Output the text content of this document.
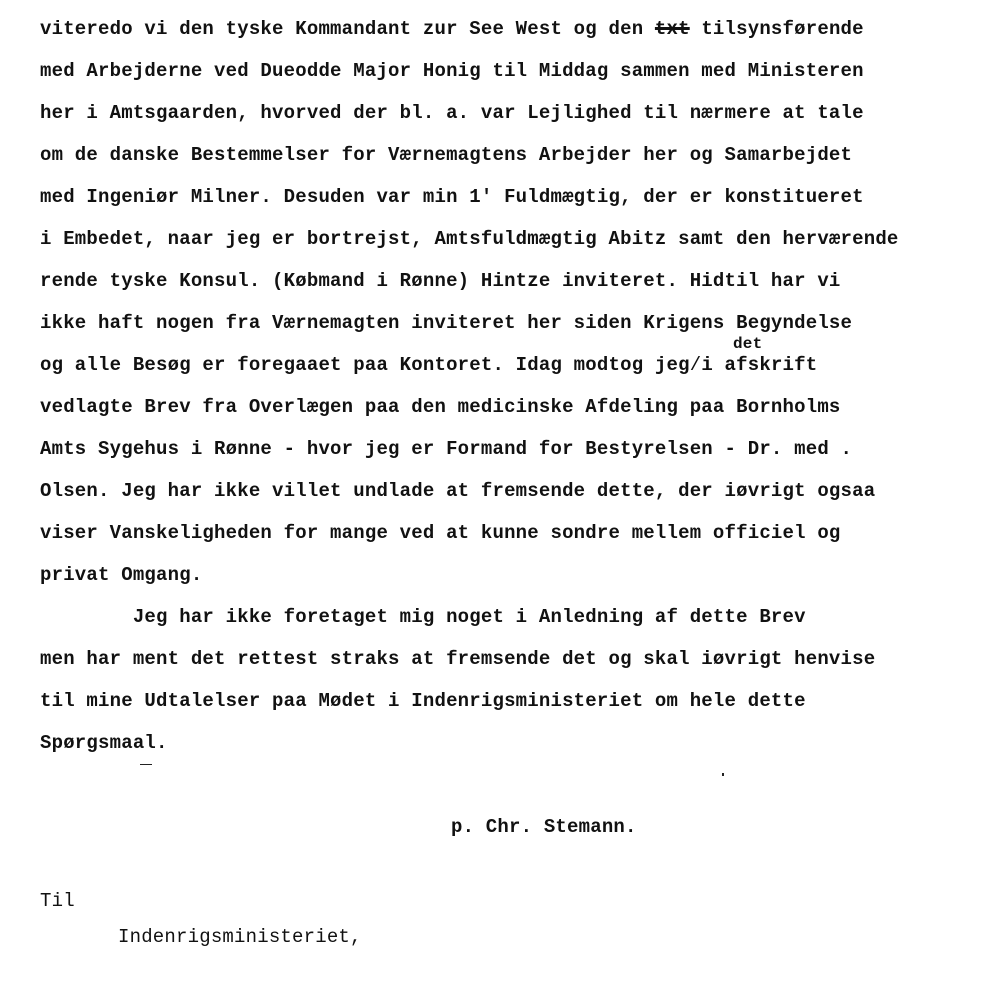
viteredo vi den tyske Kommandant zur See West og den txt tilsynsførende
med Arbejderne ved Dueodde Major Honig til Middag sammen med Ministeren
her i Amtsgaarden, hvorved der bl. a. var Lejlighed til nærmere at tale
om de danske Bestemmelser for Værnemagtens Arbejder her og Samarbejdet
med Ingeniør Milner. Desuden var min 1' Fuldmægtig, der er konstitueret
i Embedet, naar jeg er bortrejst, Amtsfuldmægtig Abitz samt den herværende
rende tyske Konsul. (Købmand i Rønne) Hintze inviteret. Hidtil har vi
ikke haft nogen fra Værnemagten inviteret her siden Krigens Begyndelse
det
og alle Besøg er foregaaet paa Kontoret. Idag modtog jeg/i afskrift
vedlagte Brev fra Overlægen paa den medicinske Afdeling paa Bornholms
Amts Sygehus i Rønne - hvor jeg er Formand for Bestyrelsen - Dr. med .
Olsen. Jeg har ikke villet undlade at fremsende dette, der iøvrigt ogsaa
viser Vanskeligheden for mange ved at kunne sondre mellem officiel og
privat Omgang.
Jeg har ikke foretaget mig noget i Anledning af dette Brev
men har ment det rettest straks at fremsende det og skal iøvrigt henvise
til mine Udtalelser paa Mødet i Indenrigsministeriet om hele dette
Spørgsmaal.
p. Chr. Stemann.
Til
Indenrigsministeriet,
